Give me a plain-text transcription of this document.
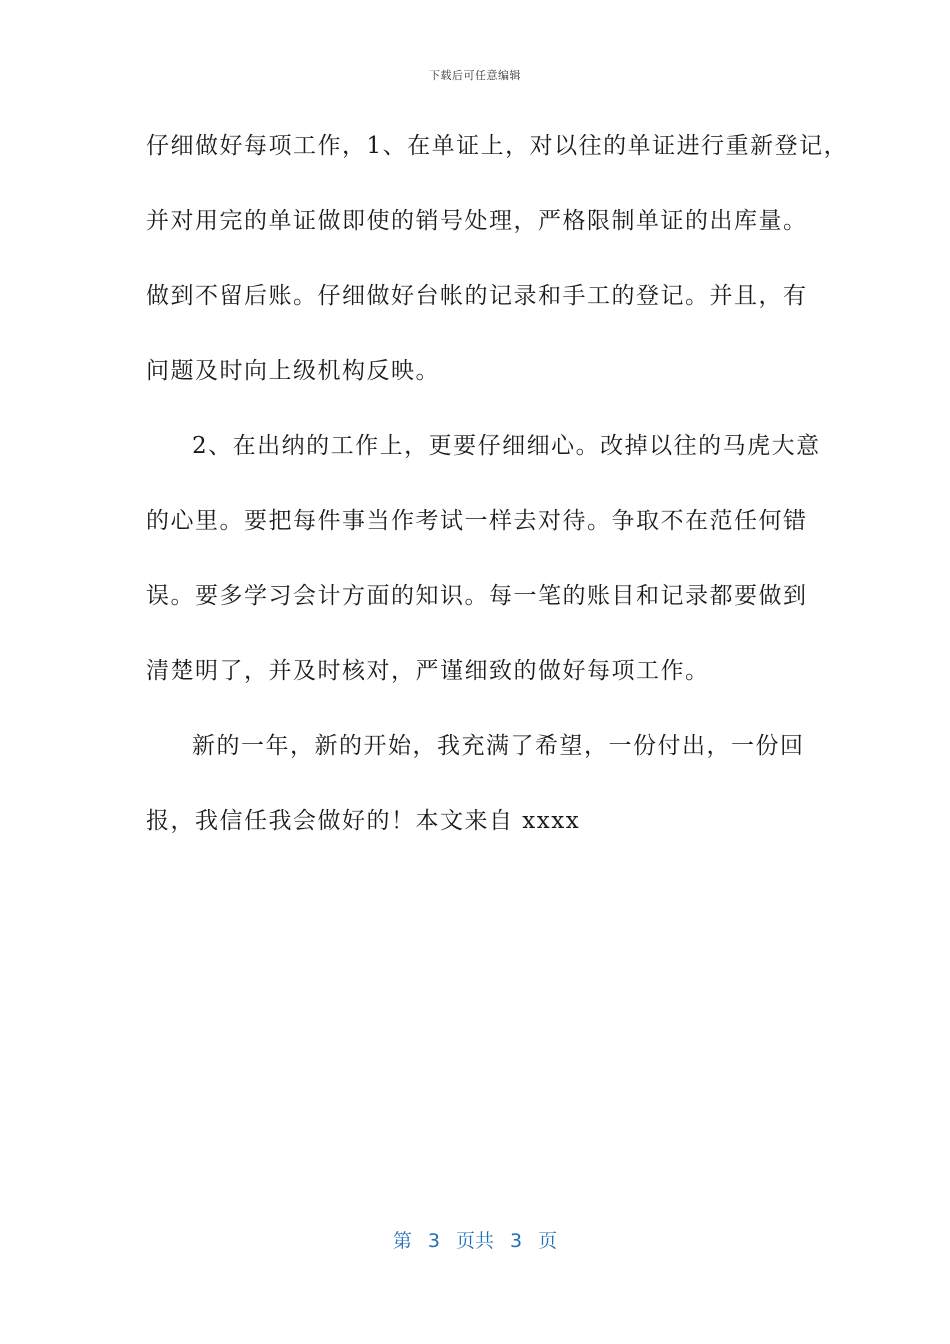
下载后可任意编辑
仔细做好每项工作，1、在单证上，对以往的单证进行重新登记，
并对用完的单证做即使的销号处理，严格限制单证的出库量。
做到不留后账。仔细做好台帐的记录和手工的登记。并且，有
问题及时向上级机构反映。
2、在出纳的工作上，更要仔细细心。改掉以往的马虎大意
的心里。要把每件事当作考试一样去对待。争取不在范任何错
误。要多学习会计方面的知识。每一笔的账目和记录都要做到
清楚明了，并及时核对，严谨细致的做好每项工作。
新的一年，新的开始，我充满了希望，一份付出，一份回
报，我信任我会做好的！本文来自 xxxx
第 3 页共 3 页
